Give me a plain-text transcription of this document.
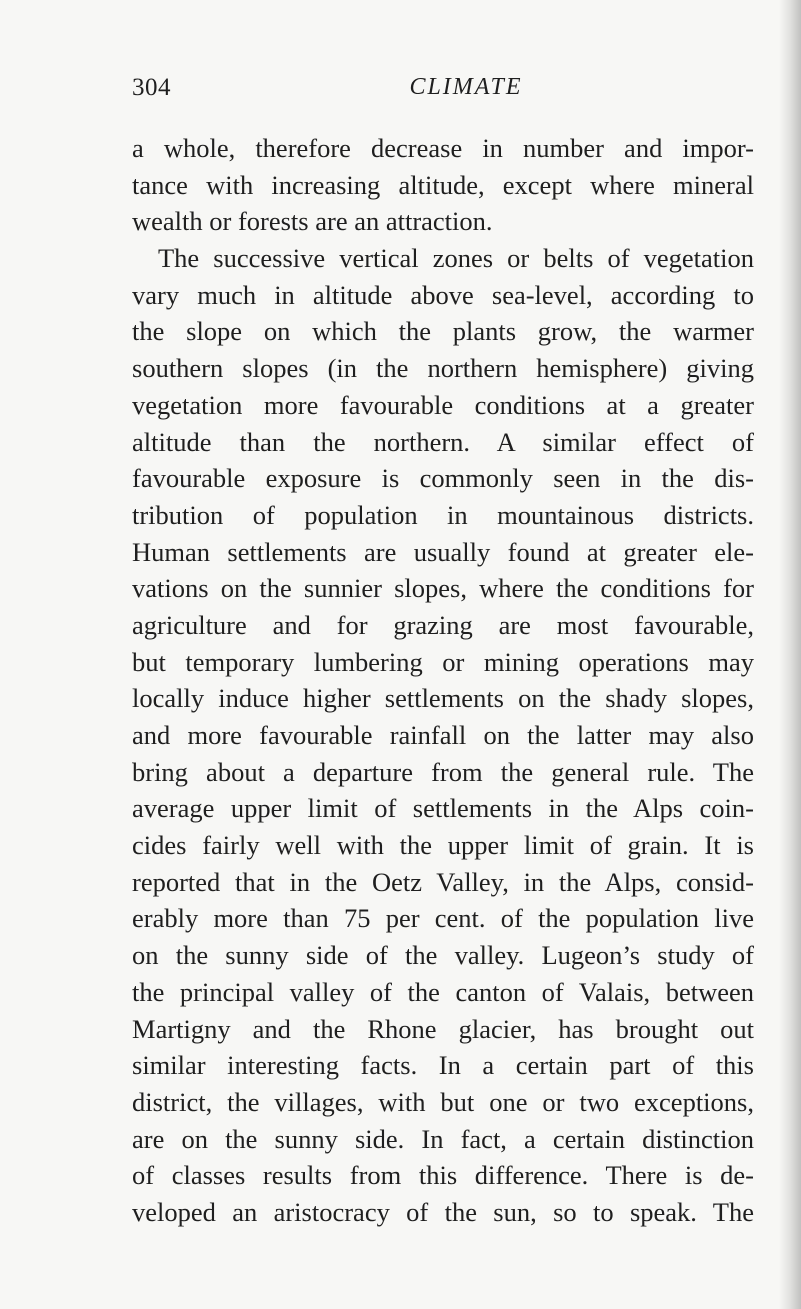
304	CLIMATE
a whole, therefore decrease in number and impor-
tance with increasing altitude, except where mineral
wealth or forests are an attraction.
The successive vertical zones or belts of vegetation
vary much in altitude above sea-level, according to
the slope on which the plants grow, the warmer
southern slopes (in the northern hemisphere) giving
vegetation more favourable conditions at a greater
altitude than the northern. A similar effect of
favourable exposure is commonly seen in the dis-
tribution of population in mountainous districts.
Human settlements are usually found at greater ele-
vations on the sunnier slopes, where the conditions for
agriculture and for grazing are most favourable,
but temporary lumbering or mining operations may
locally induce higher settlements on the shady slopes,
and more favourable rainfall on the latter may also
bring about a departure from the general rule. The
average upper limit of settlements in the Alps coin-
cides fairly well with the upper limit of grain. It is
reported that in the Oetz Valley, in the Alps, consid-
erably more than 75 per cent. of the population live
on the sunny side of the valley. Lugeon’s study of
the principal valley of the canton of Valais, between
Martigny and the Rhone glacier, has brought out
similar interesting facts. In a certain part of this
district, the villages, with but one or two exceptions,
are on the sunny side. In fact, a certain distinction
of classes results from this difference. There is de-
veloped an aristocracy of the sun, so to speak. The
